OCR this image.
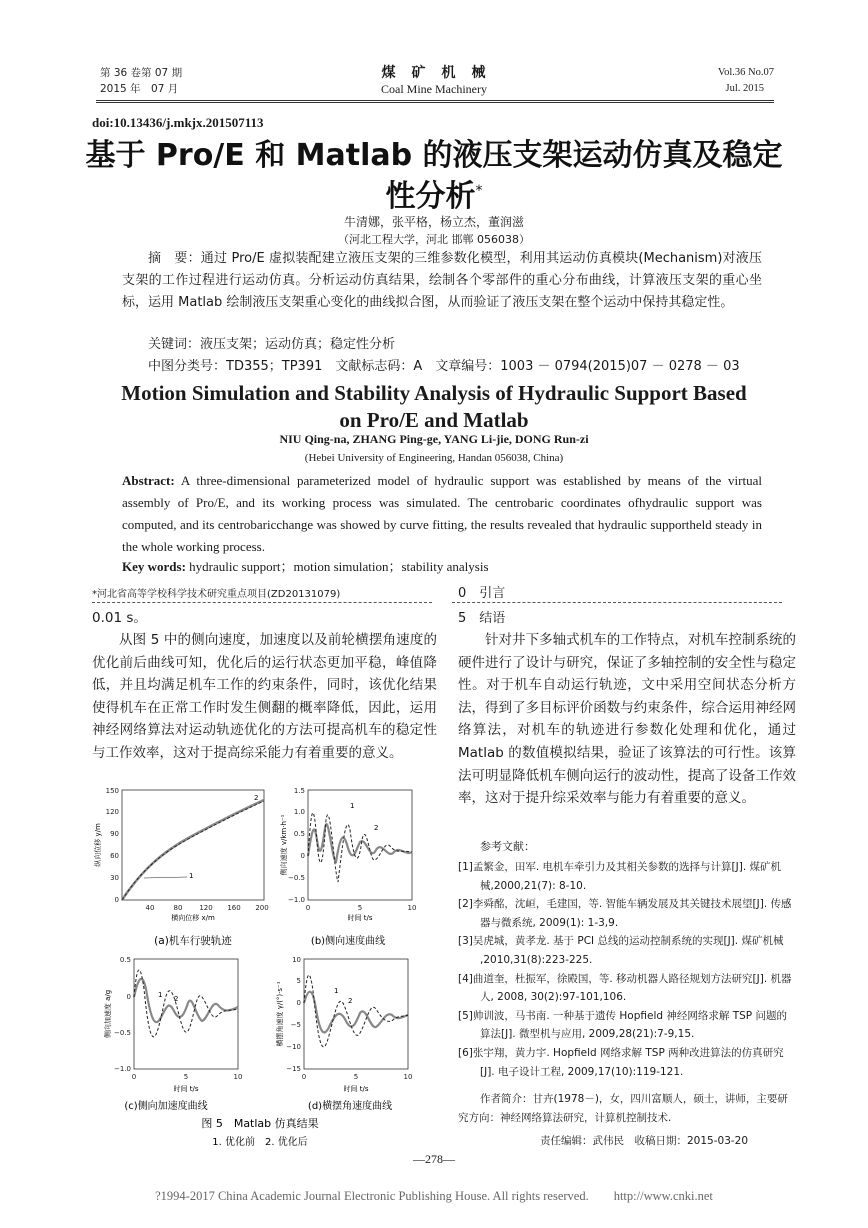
第 36 卷第 07 期
2015 年　07 月
煤　矿　机　械
Coal Mine Machinery
Vol.36 No.07
Jul. 2015
doi:10.13436/j.mkjx.201507113
基于 Pro/E 和 Matlab 的液压支架运动仿真及稳定
性分析*
牛清娜，张平格，杨立杰，董润滋
（河北工程大学，河北 邯郸 056038）
摘　要：通过 Pro/E 虚拟装配建立液压支架的三维参数化模型，利用其运动仿真模块(Mechanism)对液压支架的工作过程进行运动仿真。分析运动仿真结果，绘制各个零部件的重心分布曲线，计算液压支架的重心坐标，运用 Matlab 绘制液压支架重心变化的曲线拟合图，从而验证了液压支架在整个运动中保持其稳定性。
关键词：液压支架；运动仿真；稳定性分析
中图分类号：TD355；TP391　文献标志码：A　文章编号：1003 － 0794(2015)07 － 0278 － 03
Motion Simulation and Stability Analysis of Hydraulic Support Based
on Pro/E and Matlab
NIU Qing-na, ZHANG Ping-ge, YANG Li-jie, DONG Run-zi
(Hebei University of Engineering, Handan 056038, China)
Abstract: A three-dimensional parameterized model of hydraulic support was established by means of the virtual assembly of Pro/E, and its working process was simulated. The centrobaric coordinates ofhydraulic support was computed, and its centrobaricchange was showed by curve fitting, the results revealed that hydraulic supportheld steady in the whole working process.
Key words: hydraulic support；motion simulation；stability analysis
*河北省高等学校科学技术研究重点项目(ZD20131079)	0　引言
0.01 s。
从图 5 中的侧向速度，加速度以及前轮横摆角速度的优化前后曲线可知，优化后的运行状态更加平稳，峰值降低，并且均满足机车工作的约束条件，同时，该优化结果使得机车在正常工作时发生侧翻的概率降低，因此，运用神经网络算法对运动轨迹优化的方法可提高机车的稳定性与工作效率，这对于提高综采能力有着重要的意义。
0
30
60
90
120
150
40	80 120 160 200
横向位移 x/m
纵向位移 y/m
1
2
(a)机车行驶轨迹
1.5
1.0
0.5
0
−0.5
−1.0
0	5	10
时间 t/s
侧向速度 v/km·h⁻¹
1
2
(b)侧向速度曲线
0.5
0
−0.5
−1.0
0	5	10
时间 t/s
侧向加速度 a/g	1 2
(c)侧向加速度曲线
10
5
0
−5
−10
−15
0	5	10
时间 t/s
横摆角速度 γ/(°)·s⁻¹	1
2
(d)横摆角速度曲线
图 5　Matlab 仿真结果
1. 优化前　2. 优化后
5　结语
针对井下多轴式机车的工作特点，对机车控制系统的硬件进行了设计与研究，保证了多轴控制的安全性与稳定性。对于机车自动运行轨迹，文中采用空间状态分析方法，得到了多目标评价函数与约束条件，综合运用神经网络算法，对机车的轨迹进行参数化处理和优化，通过 Matlab 的数值模拟结果，验证了该算法的可行性。该算法可明显降低机车侧向运行的波动性，提高了设备工作效率，这对于提升综采效率与能力有着重要的意义。
参考文献：
[1]孟繁金，田军. 电机车牵引力及其相关参数的选择与计算[J]. 煤矿机械,2000,21(7): 8-10.
[2]李舜酩，沈峘，毛建国，等. 智能车辆发展及其关键技术展望[J]. 传感器与微系统, 2009(1): 1-3,9.
[3]吴虎城，黄孝龙. 基于 PCI 总线的运动控制系统的实现[J]. 煤矿机械 ,2010,31(8):223-225.
[4]曲道奎，杜振军，徐殿国，等. 移动机器人路径规划方法研究[J]. 机器人, 2008, 30(2):97-101,106.
[5]帅训波，马书南. 一种基于遗传 Hopfield 神经网络求解 TSP 问题的算法[J]. 微型机与应用, 2009,28(21):7-9,15.
[6]张宇翔，黄力宇. Hopfield 网络求解 TSP 两种改进算法的仿真研究[J]. 电子设计工程, 2009,17(10):119-121.
作者简介：甘卉(1978－)，女，四川富顺人，硕士，讲师，主要研究方向：神经网络算法研究，计算机控制技术.
责任编辑：武伟民　收稿日期：2015-03-20
—278—
?1994-2017 China Academic Journal Electronic Publishing House. All rights reserved.　　http://www.cnki.net
